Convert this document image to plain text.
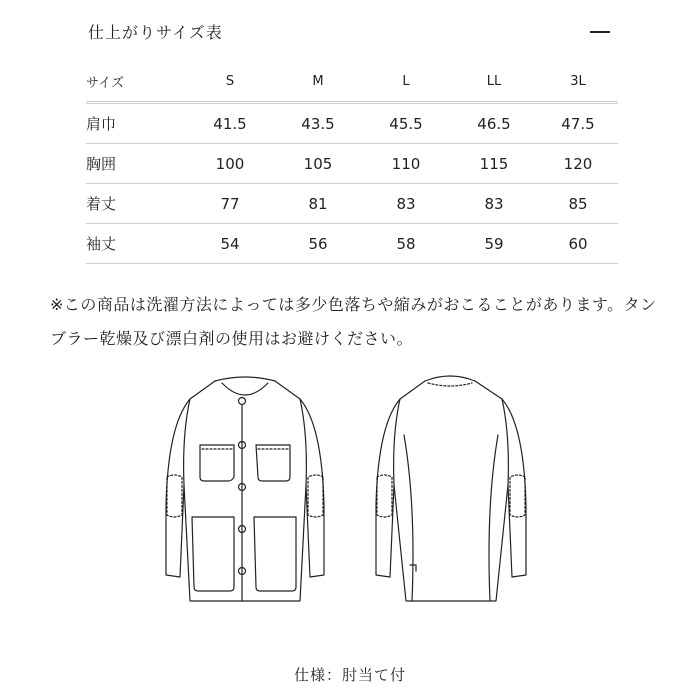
仕上がりサイズ表
サイズ	S	M	L	LL	3L
肩巾	41.5	43.5	45.5	46.5	47.5
胸囲	100	105	110	115	120
着丈	77	81	83	83	85
袖丈	54	56	58	59	60
※この商品は洗濯方法によっては多少色落ちや縮みがおこることがあります。タンブラー乾燥及び漂白剤の使用はお避けください。
仕様：肘当て付
